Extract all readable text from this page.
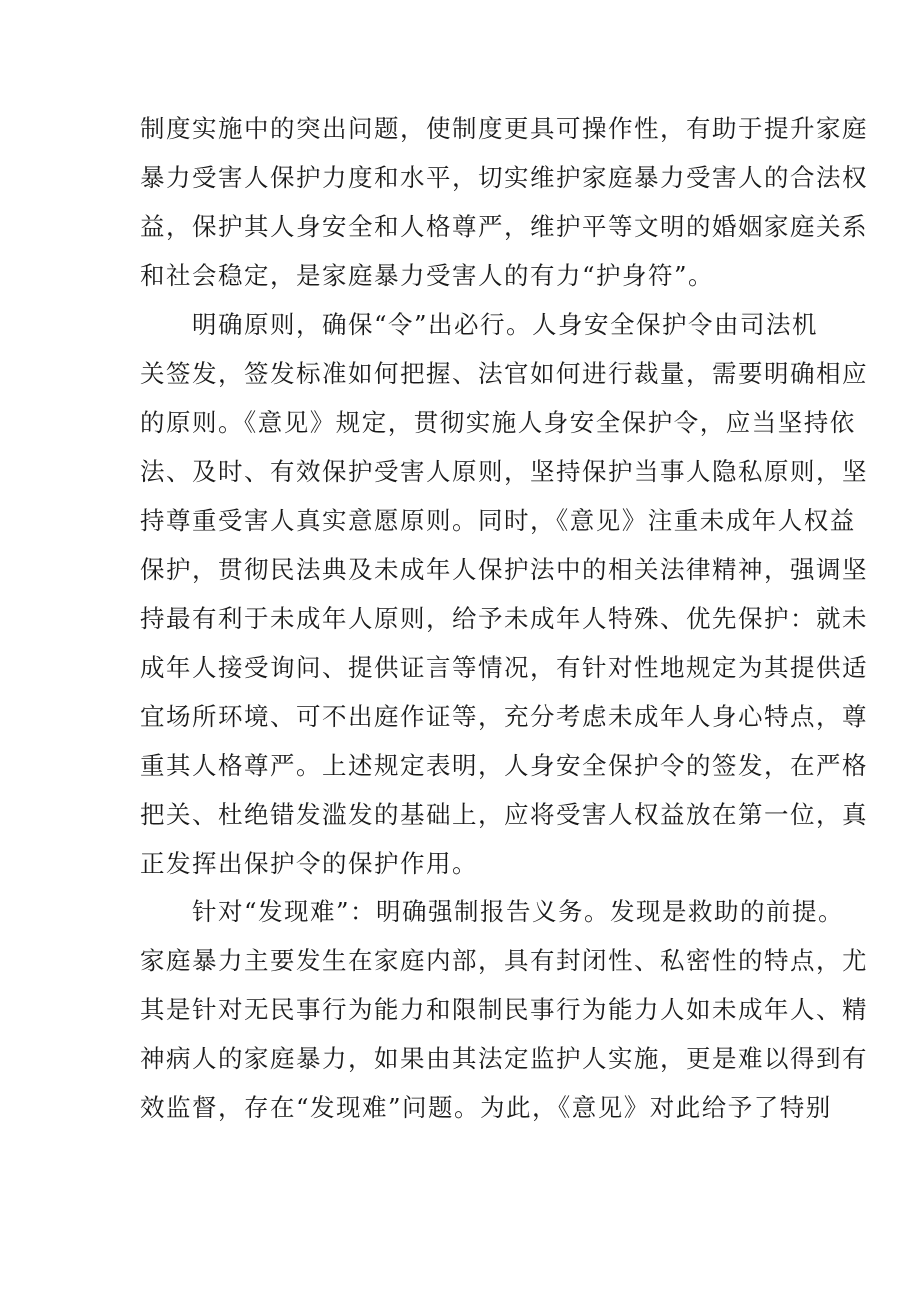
制度实施中的突出问题，使制度更具可操作性，有助于提升家庭
暴力受害人保护力度和水平，切实维护家庭暴力受害人的合法权
益，保护其人身安全和人格尊严，维护平等文明的婚姻家庭关系
和社会稳定，是家庭暴力受害人的有力“护身符”。
明确原则，确保“令”出必行。人身安全保护令由司法机
关签发，签发标准如何把握、法官如何进行裁量，需要明确相应
的原则。《意见》规定，贯彻实施人身安全保护令，应当坚持依
法、及时、有效保护受害人原则，坚持保护当事人隐私原则，坚
持尊重受害人真实意愿原则。同时，《意见》注重未成年人权益
保护，贯彻民法典及未成年人保护法中的相关法律精神，强调坚
持最有利于未成年人原则，给予未成年人特殊、优先保护：就未
成年人接受询问、提供证言等情况，有针对性地规定为其提供适
宜场所环境、可不出庭作证等，充分考虑未成年人身心特点，尊
重其人格尊严。上述规定表明，人身安全保护令的签发，在严格
把关、杜绝错发滥发的基础上，应将受害人权益放在第一位，真
正发挥出保护令的保护作用。
针对“发现难”：明确强制报告义务。发现是救助的前提。
家庭暴力主要发生在家庭内部，具有封闭性、私密性的特点，尤
其是针对无民事行为能力和限制民事行为能力人如未成年人、精
神病人的家庭暴力，如果由其法定监护人实施，更是难以得到有
效监督，存在“发现难”问题。为此，《意见》对此给予了特别
